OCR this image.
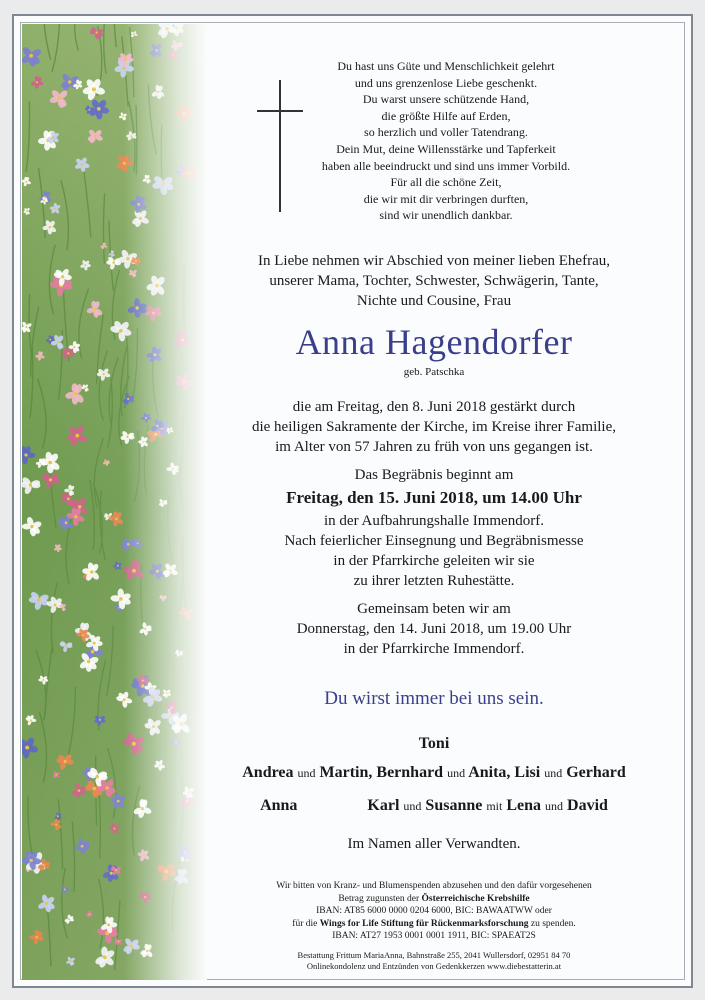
Du hast uns Güte und Menschlichkeit gelehrt
und uns grenzenlose Liebe geschenkt.
Du warst unsere schützende Hand,
die größte Hilfe auf Erden,
so herzlich und voller Tatendrang.
Dein Mut, deine Willensstärke und Tapferkeit
haben alle beeindruckt und sind uns immer Vorbild.
Für all die schöne Zeit,
die wir mit dir verbringen durften,
sind wir unendlich dankbar.
In Liebe nehmen wir Abschied von meiner lieben Ehefrau,
unserer Mama, Tochter, Schwester, Schwägerin, Tante,
Nichte und Cousine, Frau
Anna Hagendorfer
geb. Patschka
die am Freitag, den 8. Juni 2018 gestärkt durch
die heiligen Sakramente der Kirche, im Kreise ihrer Familie,
im Alter von 57 Jahren zu früh von uns gegangen ist.
Das Begräbnis beginnt am
Freitag, den 15. Juni 2018, um 14.00 Uhr
in der Aufbahrungshalle Immendorf.
Nach feierlicher Einsegnung und Begräbnismesse
in der Pfarrkirche geleiten wir sie
zu ihrer letzten Ruhestätte.
Gemeinsam beten wir am
Donnerstag, den 14. Juni 2018, um 19.00 Uhr
in der Pfarrkirche Immendorf.
Du wirst immer bei uns sein.
Toni
Andrea und Martin, Bernhard und Anita, Lisi und Gerhard
Anna	Karl und Susanne mit Lena und David
Im Namen aller Verwandten.
Wir bitten von Kranz- und Blumenspenden abzusehen und den dafür vorgesehenen
Betrag zugunsten der Österreichische Krebshilfe
IBAN: AT85 6000 0000 0204 6000, BIC: BAWAATWW oder
für die Wings for Life Stiftung für Rückenmarksforschung zu spenden.
IBAN: AT27 1953 0001 0001 1911, BIC: SPAEAT2S
Bestattung Frittum MariaAnna, Bahnstraße 255, 2041 Wullersdorf, 02951 84 70
Onlinekondolenz und Entzünden von Gedenkkerzen www.diebestatterin.at
